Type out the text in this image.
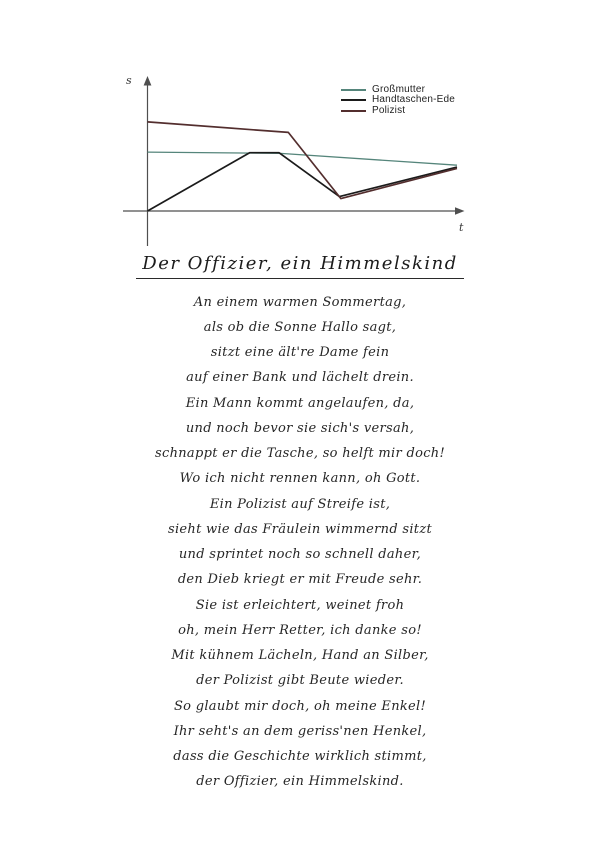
s
t
Großmutter
Handtaschen-Ede
Polizist
Der Offizier, ein Himmelskind
An einem warmen Sommertag,
als ob die Sonne Hallo sagt,
sitzt eine ält're Dame fein
auf einer Bank und lächelt drein.
Ein Mann kommt angelaufen, da,
und noch bevor sie sich's versah,
schnappt er die Tasche, so helft mir doch!
Wo ich nicht rennen kann, oh Gott.
Ein Polizist auf Streife ist,
sieht wie das Fräulein wimmernd sitzt
und sprintet noch so schnell daher,
den Dieb kriegt er mit Freude sehr.
Sie ist erleichtert, weinet froh
oh, mein Herr Retter, ich danke so!
Mit kühnem Lächeln, Hand an Silber,
der Polizist gibt Beute wieder.
So glaubt mir doch, oh meine Enkel!
Ihr seht's an dem geriss'nen Henkel,
dass die Geschichte wirklich stimmt,
der Offizier, ein Himmelskind.
